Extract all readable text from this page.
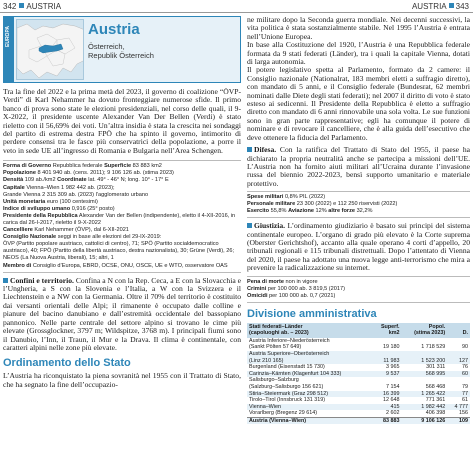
342 AUSTRIA	AUSTRIA 343
EUROPA	Austria
Österreich,
Republik Österreich

Tra la fine del 2022 e la prima metà del 2023, il governo di coalizione “ÖVP-Verdi” di Karl Nehammer ha dovuto fronteggiare numerose sfide. Il primo banco di prova sono state le elezioni presidenziali, nel corso delle quali, il 9-X-2022, il presidente uscente Alexander Van Der Bellen (Verdi) è stato rieletto con il 56,69% dei voti. Un’altra insidia è stata la crescita nei sondaggi del partito di estrema destra FPÖ che ha spinto il governo, intimorito di perdere consensi tra le fasce più conservatrici della popolazione, a porre il veto in sede UE all’ingresso di Romania e Bulgaria nell’Area Schengen.

Forma di Governo Repubblica federale Superficie 83 883 km2
Popolazione 8 401 940 ab. (cens. 2011); 9 106 126 ab. (stima 2023)
Densità 109 ab./km2 Coordinate lat. 49° - 46° N; long. 10° - 17° E
Capitale Vienna–Wien 1 982 442 ab. (2023);
Grande Vienna 2 315 309 ab. (2023) l’agglomerato urbano
Unità monetaria euro (100 centesimi)
Indice di sviluppo umano 0,916 (25° posto)
Presidente della Repubblica Alexander Van der Bellen (indipendente), eletto il 4-XII-2016, in carica dal 26-I-2017, rieletto il 9-X-2022
Cancelliere Karl Nehammer (ÖVP), dal 6-XII-2021
Consiglio Nazionale seggi in base alle elezioni del 29-IX-2019:
ÖVP (Partito popolare austriaco, cattolici di centro), 71; SPÖ (Partito socialdemocratico austriaco), 40; FPÖ (Partito della libertà austriaco, destra nazionalista), 30; Grüne (Verdi), 26; NEOS (La Nuova Austria, liberali), 15; altri, 1
Membro di Consiglio d’Europa, EBRD, OCSE, ONU, OSCE, UE e WTO, osservatore OAS

Confini e territorio. Confina a N con la Rep. Ceca, a E con la Slovacchia e l’Ungheria, a S con la Slovenia e l’Italia, a W con la Svizzera e il Liechtenstein e a NW con la Germania. Oltre il 70% del territorio è costituito dai versanti orientali delle Alpi; il rimanente è occupato dalle colline e pianure del bacino danubiano e dall’estremità occidentale del bassopiano pannonico. Nelle parte centrale del settore alpino si trovano le cime più elevate (Grossglockner, 3797 m; Wildspitze, 3768 m). I principali fiumi sono il Danubio, l’Inn, il Traun, il Mur e la Drava. Il clima è continentale, con caratteri alpini nelle zone più elevate.

Ordinamento dello Stato

L’Austria ha riconquistato la piena sovranità nel 1955 con il Trattato di Stato, che ha segnato la fine dell’occupazio-

ne militare dopo la Seconda guerra mondiale. Nei decenni successivi, la vita politica è stata sostanzialmente stabile. Nel 1995 l’Austria è entrata nell’Unione Europea.

In base alla Costituzione del 1920, l’Austria è una Repubblica federale formata da 9 stati federati (Länder), tra i quali la capitale Vienna, dotati di larga autonomia.

Il potere legislativo spetta al Parlamento, formato da 2 camere: il Consiglio nazionale (Nationalrat, 183 membri eletti a suffragio diretto), con mandato di 5 anni, e il Consiglio federale (Bundesrat, 62 membri nominati dalle Diete degli stati federati); nel 2007 il diritto di voto è stato esteso ai sedicenni. Il Presidente della Repubblica è eletto a suffragio diretto con mandato di 6 anni rinnovabile una sola volta. Le sue funzioni sono in gran parte rappresentative; egli ha comunque il potere di nominare e di revocare il cancelliere, che è alla guida dell’esecutivo che deve ottenere la fiducia del Parlamento.

Difesa. Con la ratifica del Trattato di Stato del 1955, il paese ha dichiarato la propria neutralità anche se partecipa a missioni dell’UE. L’Austria non ha fornito aiuti militari all’Ucraina durante l’invasione russa del biennio 2022-2023, bensì supporto umanitario e materiale protettivo.

Spese militari 0,8% PIL (2022)
Personale militare 23 300 (2022) e 112 250 riservisti (2022)
Esercito 55,8% Aviazione 12% altre forze 32,2%

Giustizia. L’ordinamento giudiziario è basato sui principi del sistema continentale europeo. L’organo di grado più elevato è la Corte suprema (Oberster Gerichtshof), accanto alla quale operano 4 corti d’appello, 20 tribunali regionali e 115 tribunali distrettuali. Dopo l’attentato di Vienna del 2020, il paese ha adottato una nuova legge anti-terrorismo che mira a prevenire la radicalizzazione su internet.

Pena di morte non in vigore
Crimini per 100 000 ab. 3 819,5 (2017)
Omicidi per 100 000 ab. 0,7 (2021)
Divisione amministrativa
Stati federati–Länder
(capoluoghi ab. – 2023)	Superf.
km2	Popol.
(stima 2023)	D.
Austria Inferiore–Niederösterreich			
(Sankt Pölten 57 649)	19 180	1 718 529	90
Austria Superiore–Oberösterreich			
(Linz 210 165)	11 983	1 523 200	127
Burgenland (Eisenstadt 15 730)	3 965	301 311	76
Carinzia–Kärnten (Klagenfurt 104 333)	9 537	568 995	60
Salisburgo–Salzburg			
(Salzburg–Salisburgo 156 621)	7 154	568 468	79
Stiria–Steiermark (Graz 298 512)	16 399	1 265 422	77
Tirolo–Tirol (Innsbruck 131 319)	12 648	771 361	61
Vienna–Wien	415	1 982 442	4 777
Vorarlberg (Bregenz 29 614)	2 602	406 398	156
Austria (Vienna–Wien)	83 883	9 106 126	109
